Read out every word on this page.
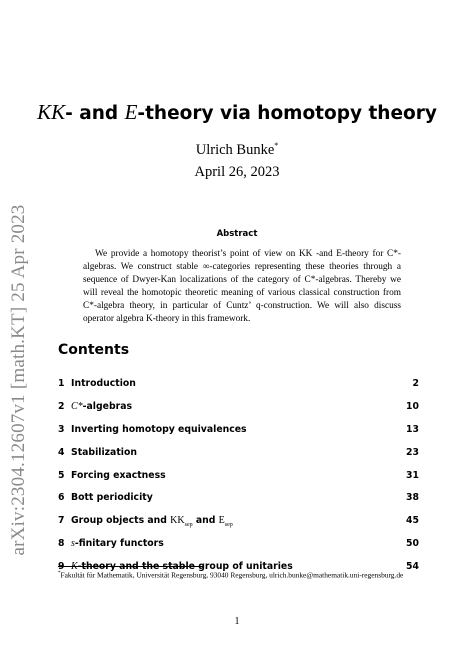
arXiv:2304.12607v1 [math.KT] 25 Apr 2023
KK- and E-theory via homotopy theory
Ulrich Bunke*
April 26, 2023
Abstract
We provide a homotopy theorist’s point of view on KK -and E-theory for C*-algebras. We construct stable ∞-categories representing these theories through a sequence of Dwyer-Kan localizations of the category of C*-algebras. Thereby we will reveal the homotopic theoretic meaning of various classical construction from C*-algebra theory, in particular of Cuntz’ q-construction. We will also discuss operator algebra K-theory in this framework.
Contents
1 Introduction	2
2 C*-algebras	10
3 Inverting homotopy equivalences	13
4 Stabilization	23
5 Forcing exactness	31
6 Bott periodicity	38
7 Group objects and $KK_{sep}$ and $E_{sep}$	45
8 s-finitary functors	50
9 K-theory and the stable group of unitaries	54
*Fakultät für Mathematik, Universität Regensburg, 93040 Regensburg, ulrich.bunke@mathematik.uni-regensburg.de
1
